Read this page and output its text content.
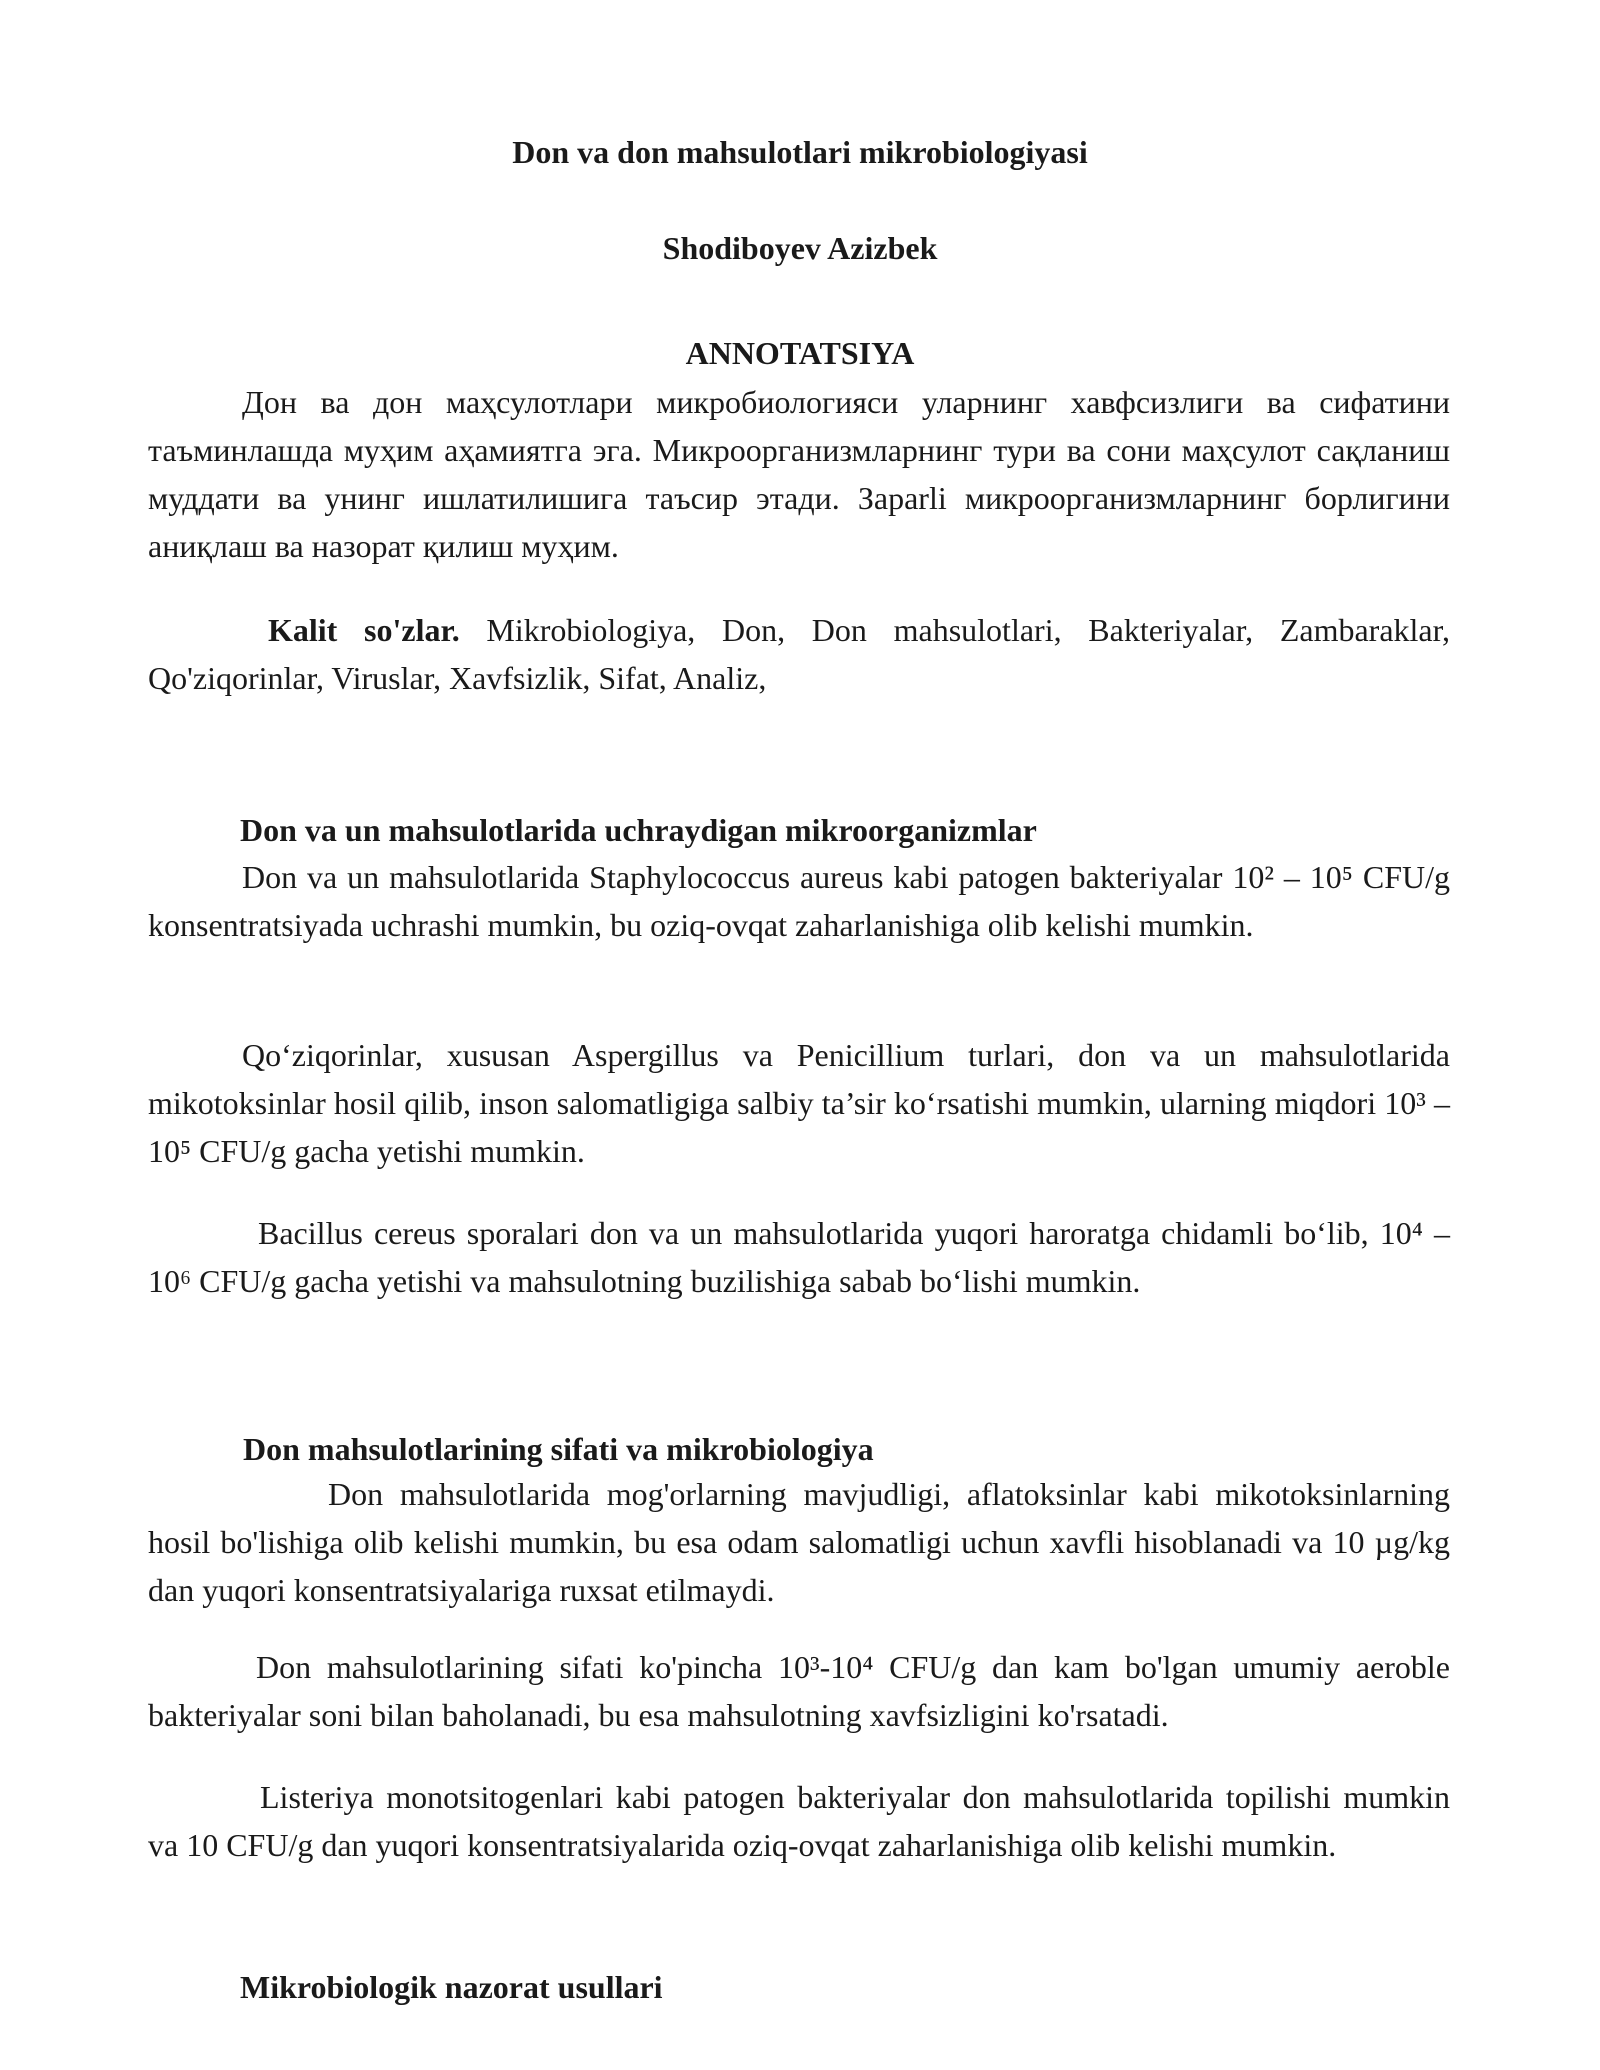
Don va don mahsulotlari mikrobiologiyasi
Shodiboyev Azizbek
ANNOTATSIYA

Дон ва дон маҳсулотлари микробиологияси уларнинг хавфсизлиги ва сифатини таъминлашда муҳим аҳамиятга эга. Микроорганизмларнинг тури ва сони маҳсулот сақланиш муддати ва унинг ишлатилишига таъсир этади. Зарarli микроорганизмларнинг борлигини аниқлаш ва назорат қилиш муҳим.

Kalit so'zlar. Mikrobiologiya, Don, Don mahsulotlari, Bakteriyalar, Zambaraklar, Qo'ziqorinlar, Viruslar, Xavfsizlik, Sifat, Analiz,

Don va un mahsulotlarida uchraydigan mikroorganizmlar

Don va un mahsulotlarida Staphylococcus aureus kabi patogen bakteriyalar 10² – 10⁵ CFU/g konsentratsiyada uchrashi mumkin, bu oziq-ovqat zaharlanishiga olib kelishi mumkin.

Qoʻziqorinlar, xususan Aspergillus va Penicillium turlari, don va un mahsulotlarida mikotoksinlar hosil qilib, inson salomatligiga salbiy ta’sir koʻrsatishi mumkin, ularning miqdori 10³ – 10⁵ CFU/g gacha yetishi mumkin.

Bacillus cereus sporalari don va un mahsulotlarida yuqori haroratga chidamli boʻlib, 10⁴ – 10⁶ CFU/g gacha yetishi va mahsulotning buzilishiga sabab boʻlishi mumkin.

Don mahsulotlarining sifati va mikrobiologiya

Don mahsulotlarida mog'orlarning mavjudligi, aflatoksinlar kabi mikotoksinlarning hosil bo'lishiga olib kelishi mumkin, bu esa odam salomatligi uchun xavfli hisoblanadi va 10 µg/kg dan yuqori konsentratsiyalariga ruxsat etilmaydi.

Don mahsulotlarining sifati ko'pincha 10³-10⁴ CFU/g dan kam bo'lgan umumiy aeroble bakteriyalar soni bilan baholanadi, bu esa mahsulotning xavfsizligini ko'rsatadi.

Listeriya monotsitogenlari kabi patogen bakteriyalar don mahsulotlarida topilishi mumkin va 10 CFU/g dan yuqori konsentratsiyalarida oziq-ovqat zaharlanishiga olib kelishi mumkin.

Mikrobiologik nazorat usullari
